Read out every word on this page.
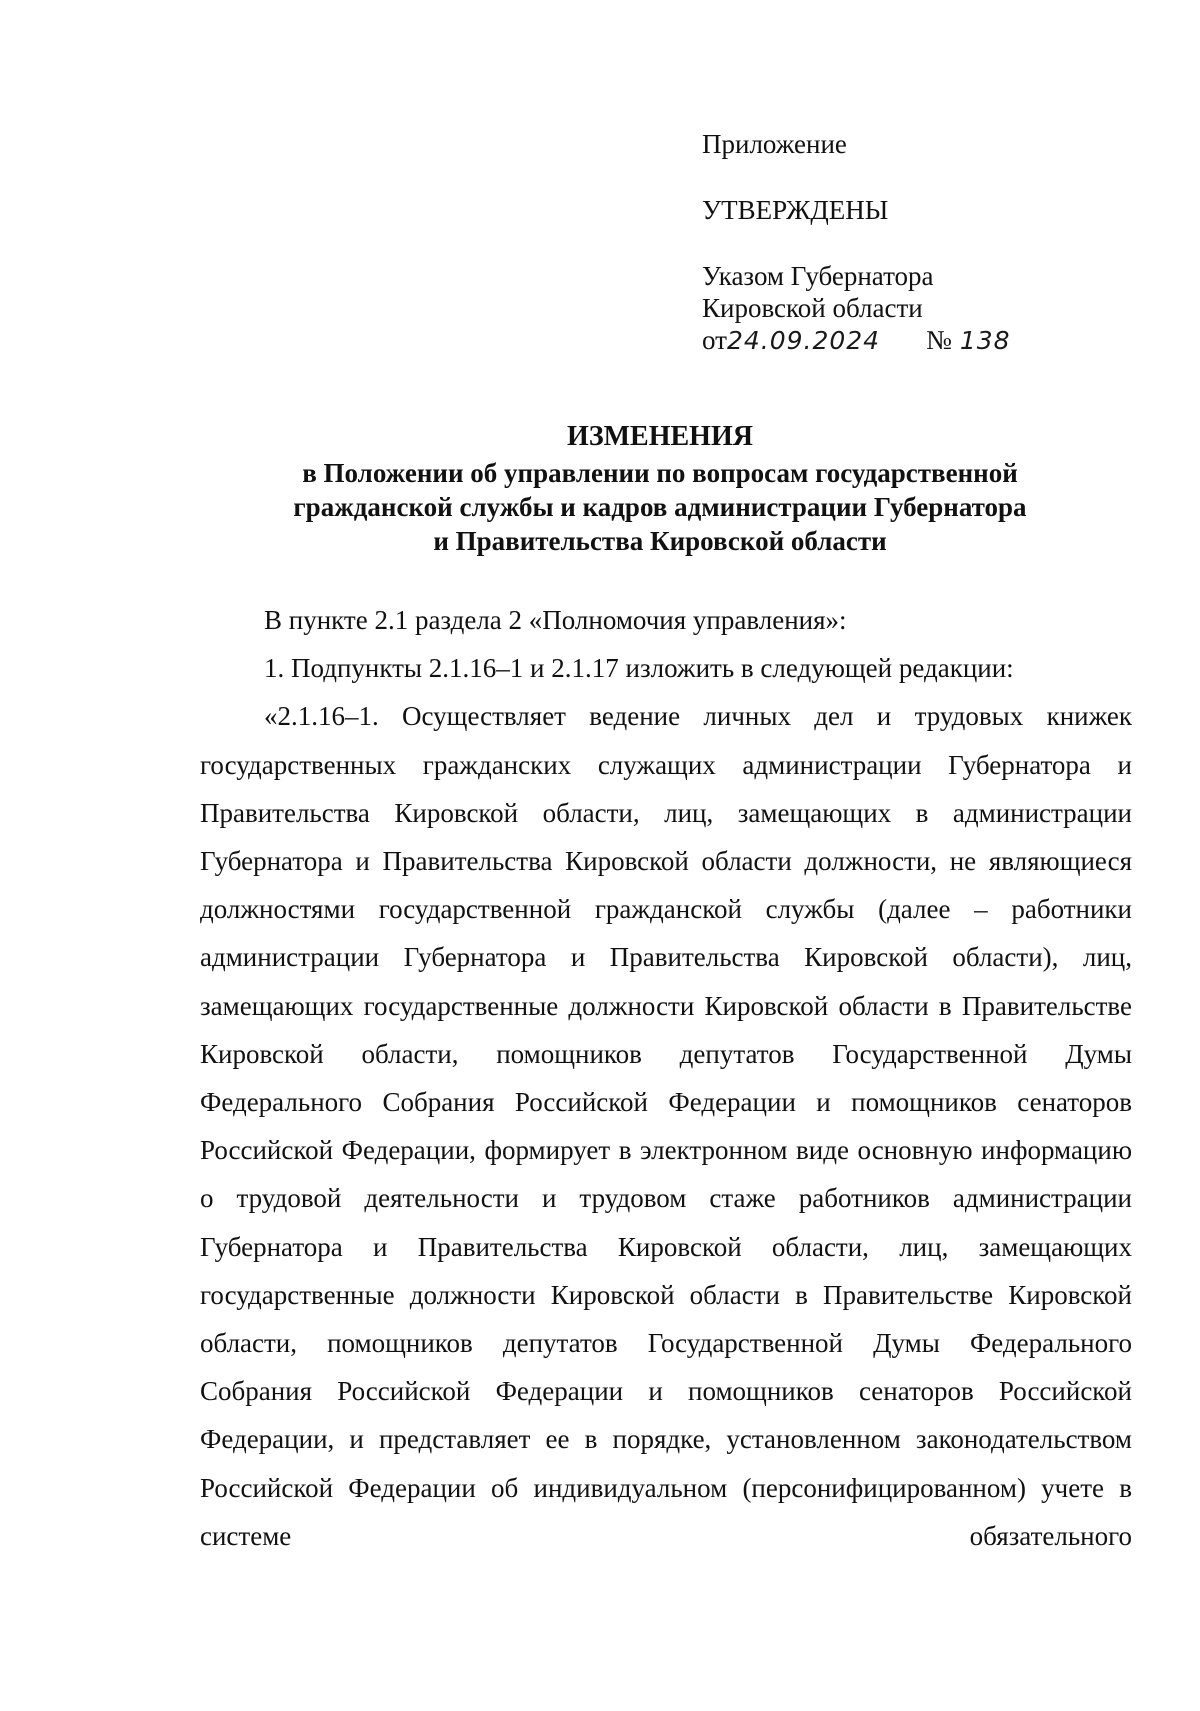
Приложение
УТВЕРЖДЕНЫ
Указом Губернатора
Кировской области
от 24.09.2024 № 138
ИЗМЕНЕНИЯ
в Положении об управлении по вопросам государственной
гражданской службы и кадров администрации Губернатора
и Правительства Кировской области

В пункте 2.1 раздела 2 «Полномочия управления»:

1. Подпункты 2.1.16–1 и 2.1.17 изложить в следующей редакции:

«2.1.16–1. Осуществляет ведение личных дел и трудовых книжек государственных гражданских служащих администрации Губернатора и Правительства Кировской области, лиц, замещающих в администрации Губернатора и Правительства Кировской области должности, не являющиеся должностями государственной гражданской службы (далее – работники администрации Губернатора и Правительства Кировской области), лиц, замещающих государственные должности Кировской области в Правительстве Кировской области, помощников депутатов Государственной Думы Федерального Собрания Российской Федерации и помощников сенаторов Российской Федерации, формирует в электронном виде основную информацию о трудовой деятельности и трудовом стаже работников администрации Губернатора и Правительства Кировской области, лиц, замещающих государственные должности Кировской области в Правительстве Кировской области, помощников депутатов Государственной Думы Федерального Собрания Российской Федерации и помощников сенаторов Российской Федерации, и представляет ее в порядке, установленном законодательством Российской Федерации об индивидуальном (персонифицированном) учете в системе обязательного
